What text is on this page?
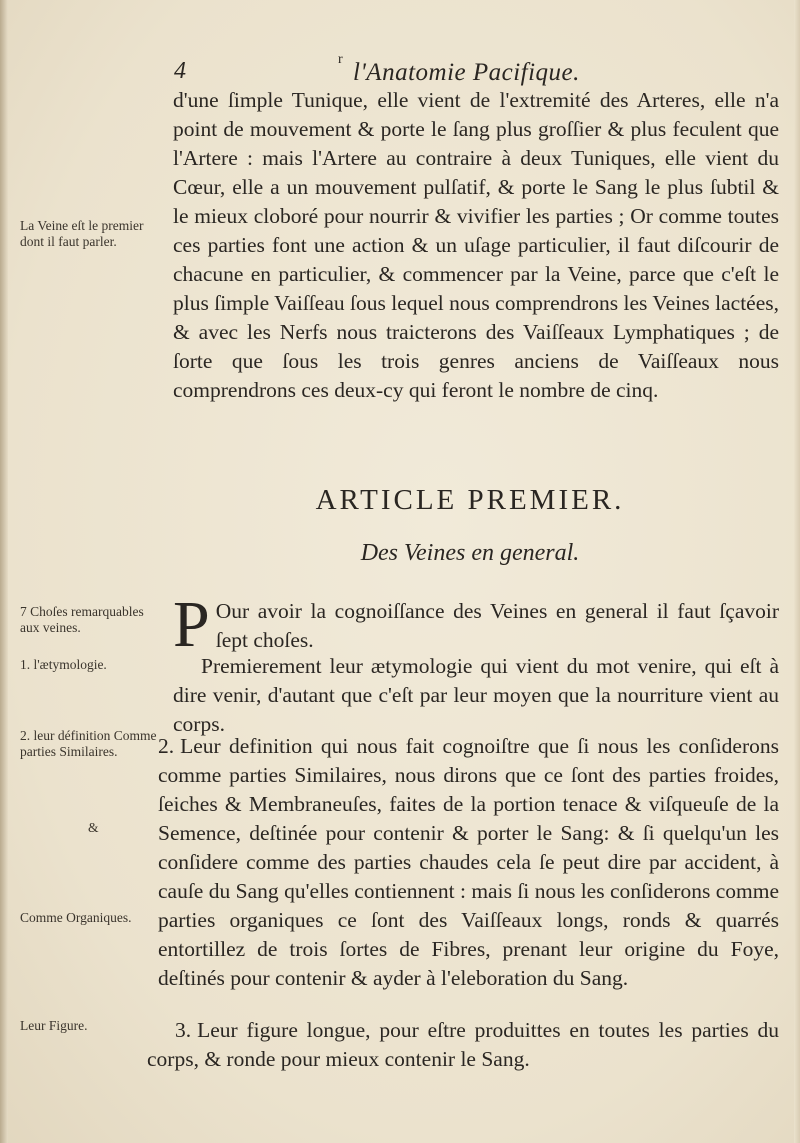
4	r l'Anatomie Pacifique.

d'une ſimple Tunique, elle vient de l'extremité des Arteres, elle n'a point de mouvement & porte le ſang plus groſſier & plus feculent que l'Artere : mais l'Artere au contraire à deux Tuniques, elle vient du Cœur, elle a un mouvement pulſatif, & porte le Sang le plus ſubtil & le mieux cloboré pour nourrir & vivifier les parties ; Or comme toutes ces parties font une action & un uſage particulier, il faut diſcourir de chacune en particulier, & commencer par la Veine, parce que c'eſt le plus ſimple Vaiſſeau ſous lequel nous comprendrons les Veines lactées, & avec les Nerfs nous traicterons des Vaiſſeaux Lymphatiques ; de ſorte que ſous les trois genres anciens de Vaiſſeaux nous comprendrons ces deux-cy qui feront le nombre de cinq.

ARTICLE PREMIER.
Des Veines en general.

P Our avoir la cognoiſſance des Veines en general il faut ſçavoir ſept choſes.

Premierement leur ætymologie qui vient du mot venire, qui eſt à dire venir, d'autant que c'eſt par leur moyen que la nourriture vient au corps.

2. Leur definition qui nous fait cognoiſtre que ſi nous les conſiderons comme parties Similaires, nous dirons que ce ſont des parties froides, ſeiches & Membraneuſes, faites de la portion tenace & viſqueuſe de la Semence, deſtinée pour contenir & porter le Sang: & ſi quelqu'un les conſidere comme des parties chaudes cela ſe peut dire par accident, à cauſe du Sang qu'elles contiennent : mais ſi nous les conſiderons comme parties organiques ce ſont des Vaiſſeaux longs, ronds & quarrés entortillez de trois ſortes de Fibres, prenant leur origine du Foye, deſtinés pour contenir & ayder à l'eleboration du Sang.

3. Leur figure longue, pour eſtre produittes en toutes les parties du corps, & ronde pour mieux contenir le Sang.

La Veine eſt le premier dont il faut parler.
7 Choſes remarquables aux veines.
1. l'ætymologie.
2. leur définition Comme parties Similaires.
&
Comme Organiques.
Leur Figure.
